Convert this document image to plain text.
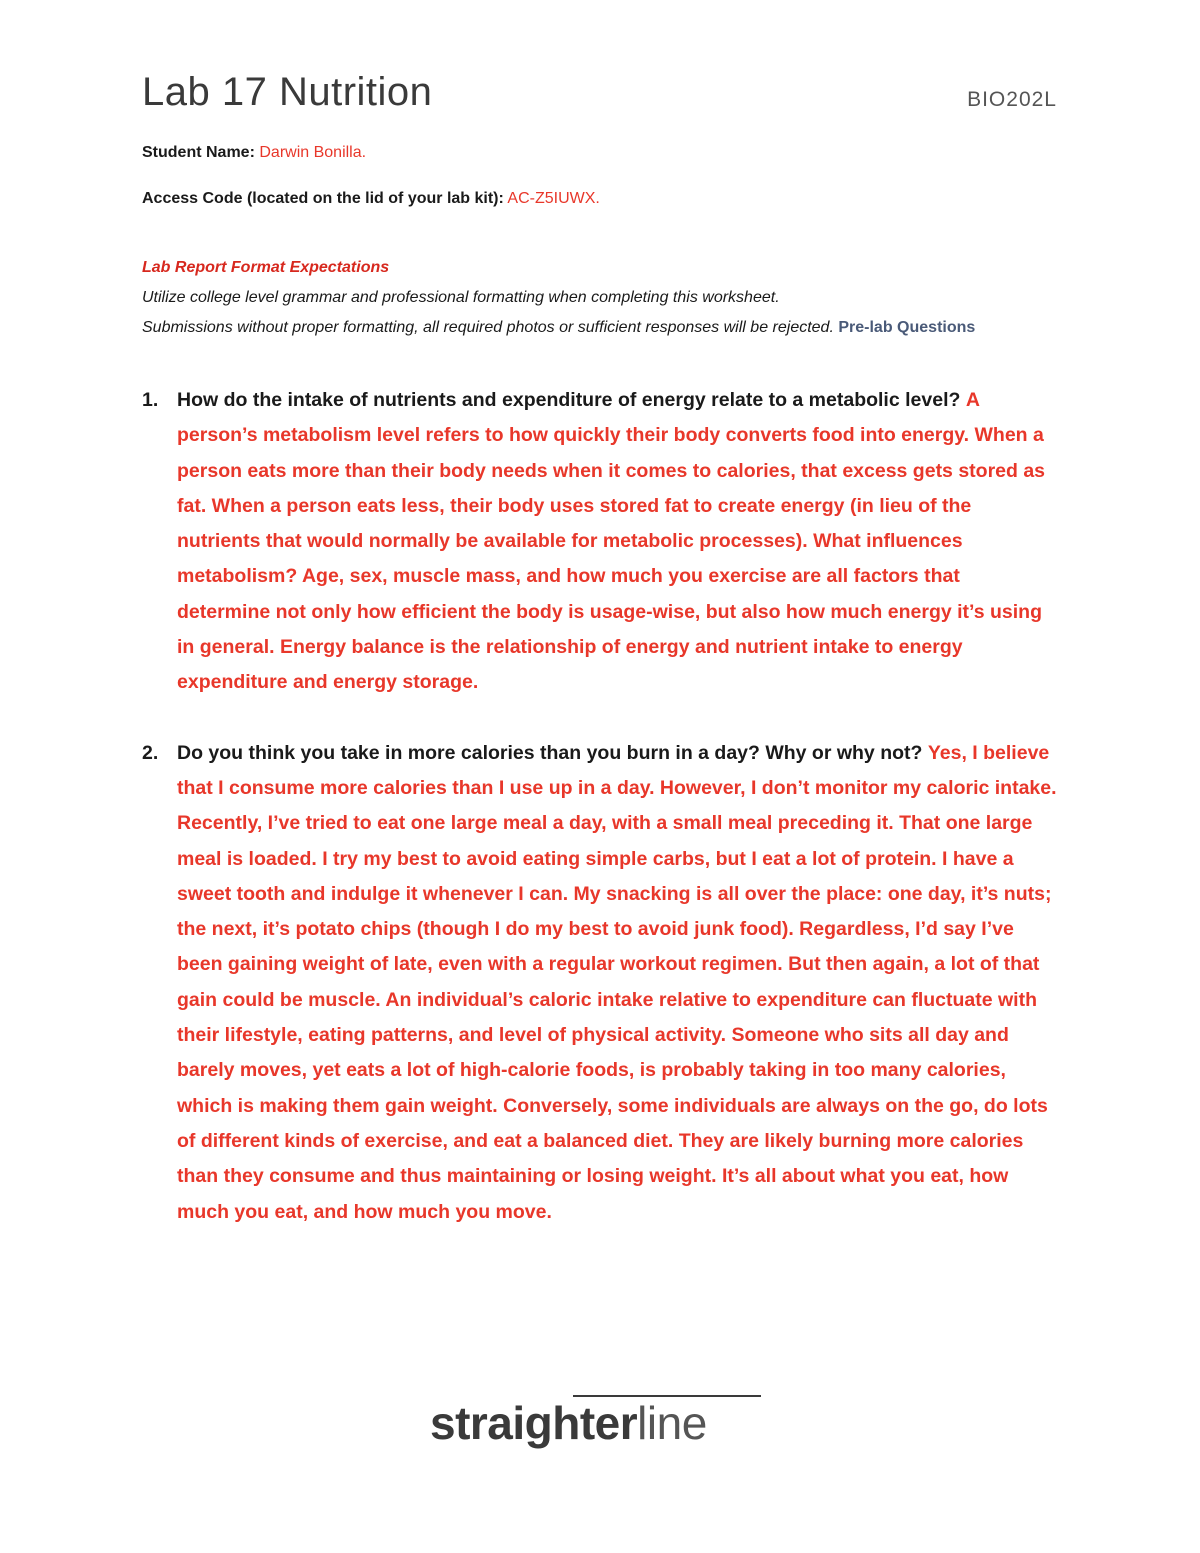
Lab 17 Nutrition	BIO202L
Student Name: Darwin Bonilla.
Access Code (located on the lid of your lab kit): AC-Z5IUWX.
Lab Report Format Expectations
Utilize college level grammar and professional formatting when completing this worksheet.
Submissions without proper formatting, all required photos or sufficient responses will be rejected. Pre-lab Questions
1. How do the intake of nutrients and expenditure of energy relate to a metabolic level? A person’s metabolism level refers to how quickly their body converts food into energy. When a person eats more than their body needs when it comes to calories, that excess gets stored as fat. When a person eats less, their body uses stored fat to create energy (in lieu of the nutrients that would normally be available for metabolic processes). What influences metabolism? Age, sex, muscle mass, and how much you exercise are all factors that determine not only how efficient the body is usage-wise, but also how much energy it’s using in general. Energy balance is the relationship of energy and nutrient intake to energy expenditure and energy storage.
2. Do you think you take in more calories than you burn in a day? Why or why not? Yes, I believe that I consume more calories than I use up in a day. However, I don’t monitor my caloric intake. Recently, I’ve tried to eat one large meal a day, with a small meal preceding it. That one large meal is loaded. I try my best to avoid eating simple carbs, but I eat a lot of protein. I have a sweet tooth and indulge it whenever I can. My snacking is all over the place: one day, it’s nuts; the next, it’s potato chips (though I do my best to avoid junk food). Regardless, I’d say I’ve been gaining weight of late, even with a regular workout regimen. But then again, a lot of that gain could be muscle. An individual’s caloric intake relative to expenditure can fluctuate with their lifestyle, eating patterns, and level of physical activity. Someone who sits all day and barely moves, yet eats a lot of high-calorie foods, is probably taking in too many calories, which is making them gain weight. Conversely, some individuals are always on the go, do lots of different kinds of exercise, and eat a balanced diet. They are likely burning more calories than they consume and thus maintaining or losing weight. It’s all about what you eat, how much you eat, and how much you move.
straighterline
